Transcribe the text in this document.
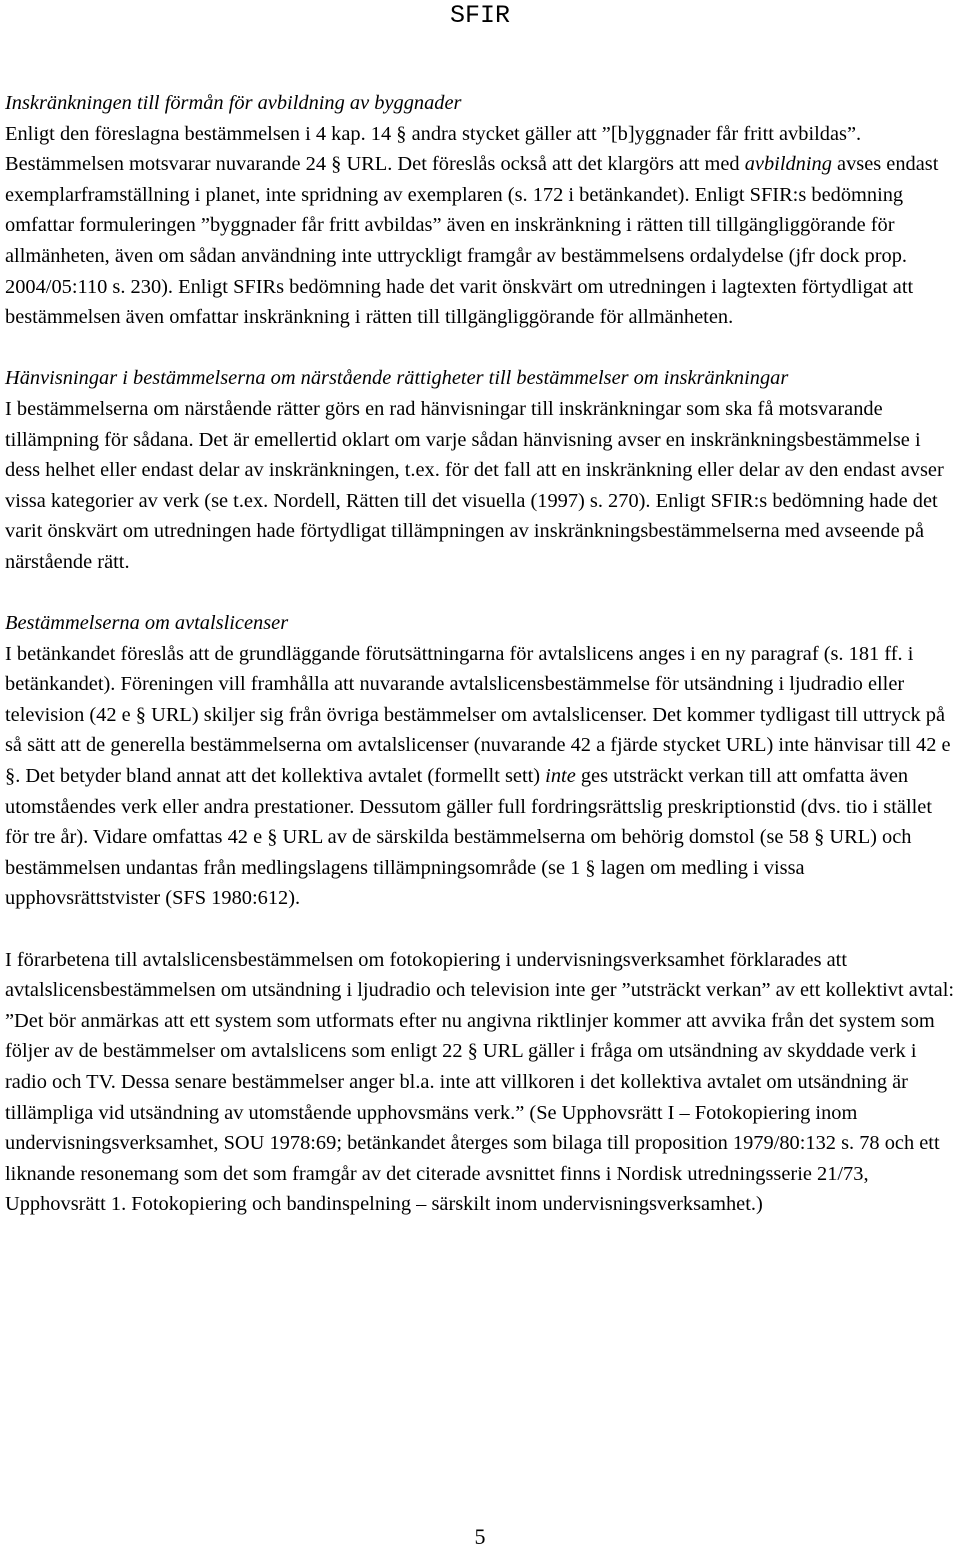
SFIR
Inskränkningen till förmån för avbildning av byggnader
Enligt den föreslagna bestämmelsen i 4 kap. 14 § andra stycket gäller att ”[b]yggnader får fritt avbildas”. Bestämmelsen motsvarar nuvarande 24 § URL. Det föreslås också att det klargörs att med avbildning avses endast exemplarframställning i planet, inte spridning av exemplaren (s. 172 i betänkandet). Enligt SFIR:s bedömning omfattar formuleringen ”byggnader får fritt avbildas” även en inskränkning i rätten till tillgängliggörande för allmänheten, även om sådan användning inte uttryckligt framgår av bestämmelsens ordalydelse (jfr dock prop. 2004/05:110 s. 230). Enligt SFIRs bedömning hade det varit önskvärt om utredningen i lagtexten förtydligat att bestämmelsen även omfattar inskränkning i rätten till tillgängliggörande för allmänheten.
Hänvisningar i bestämmelserna om närstående rättigheter till bestämmelser om inskränkningar
I bestämmelserna om närstående rätter görs en rad hänvisningar till inskränkningar som ska få motsvarande tillämpning för sådana. Det är emellertid oklart om varje sådan hänvisning avser en inskränkningsbestämmelse i dess helhet eller endast delar av inskränkningen, t.ex. för det fall att en inskränkning eller delar av den endast avser vissa kategorier av verk (se t.ex. Nordell, Rätten till det visuella (1997) s. 270). Enligt SFIR:s bedömning hade det varit önskvärt om utredningen hade förtydligat tillämpningen av inskränkningsbestämmelserna med avseende på närstående rätt.
Bestämmelserna om avtalslicenser
I betänkandet föreslås att de grundläggande förutsättningarna för avtalslicens anges i en ny paragraf (s. 181 ff. i betänkandet). Föreningen vill framhålla att nuvarande avtalslicensbestämmelse för utsändning i ljudradio eller television (42 e § URL) skiljer sig från övriga bestämmelser om avtalslicenser. Det kommer tydligast till uttryck på så sätt att de generella bestämmelserna om avtalslicenser (nuvarande 42 a fjärde stycket URL) inte hänvisar till 42 e §. Det betyder bland annat att det kollektiva avtalet (formellt sett) inte ges utsträckt verkan till att omfatta även utomståendes verk eller andra prestationer. Dessutom gäller full fordringsrättslig preskriptionstid (dvs. tio i stället för tre år). Vidare omfattas 42 e § URL av de särskilda bestämmelserna om behörig domstol (se 58 § URL) och bestämmelsen undantas från medlingslagens tillämpningsområde (se 1 § lagen om medling i vissa upphovsrättstvister (SFS 1980:612).
I förarbetena till avtalslicensbestämmelsen om fotokopiering i undervisningsverksamhet förklarades att avtalslicensbestämmelsen om utsändning i ljudradio och television inte ger ”utsträckt verkan” av ett kollektivt avtal: ”Det bör anmärkas att ett system som utformats efter nu angivna riktlinjer kommer att avvika från det system som följer av de bestämmelser om avtalslicens som enligt 22 § URL gäller i fråga om utsändning av skyddade verk i radio och TV. Dessa senare bestämmelser anger bl.a. inte att villkoren i det kollektiva avtalet om utsändning är tillämpliga vid utsändning av utomstående upphovsmäns verk.” (Se Upphovsrätt I – Fotokopiering inom undervisningsverksamhet, SOU 1978:69; betänkandet återges som bilaga till proposition 1979/80:132 s. 78 och ett liknande resonemang som det som framgår av det citerade avsnittet finns i Nordisk utredningsserie 21/73, Upphovsrätt 1. Fotokopiering och bandinspelning – särskilt inom undervisningsverksamhet.)
5
